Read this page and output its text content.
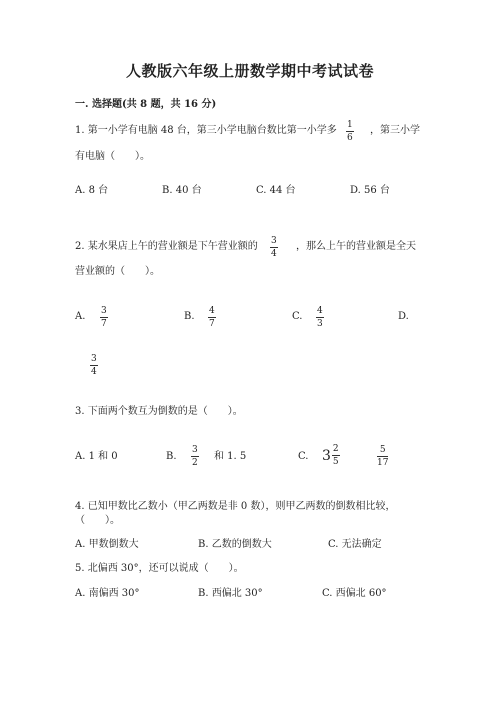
人教版六年级上册数学期中考试试卷
一. 选择题(共 8 题，共 16 分)
1. 第一小学有电脑 48 台，第三小学电脑台数比第一小学多 1
6
，第三小学
有电脑（　　）。
A. 8 台	B. 40 台	C. 44 台	D. 56 台
2. 某水果店上午的营业额是下午营业额的 3
4
，那么上午的营业额是全天
营业额的（　　）。
A. 3
7
B. 4
7
C. 4
3
D.
3
4
3. 下面两个数互为倒数的是（　　）。
A. 1 和 0	B.
3
2
和 1. 5	C. $3 \frac{2}{5}$	5
17
4. 已知甲数比乙数小（甲乙两数是非 0 数），则甲乙两数的倒数相比较，
（　　）。
A. 甲数倒数大	B. 乙数的倒数大	C. 无法确定
5. 北偏西 30°，还可以说成（　　）。
A. 南偏西 30°	B. 西偏北 30°	C. 西偏北 60°
